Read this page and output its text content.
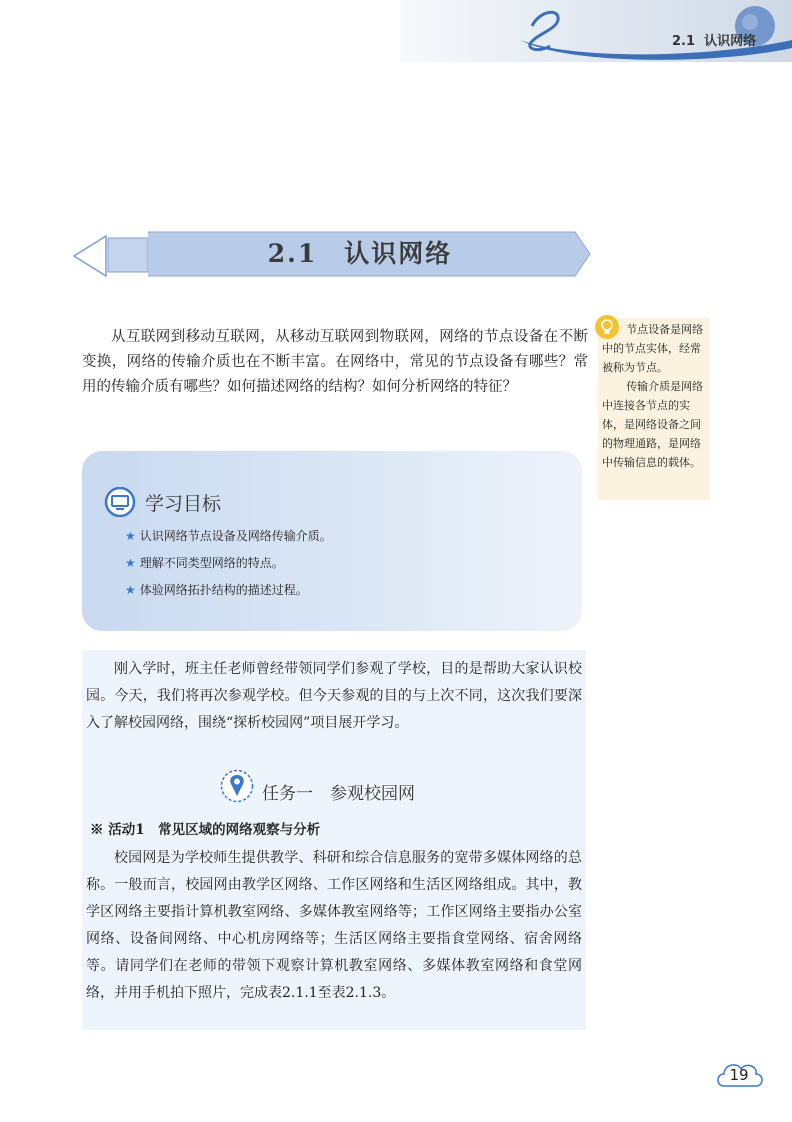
2.1 认识网络
2.1　认识网络
从互联网到移动互联网，从移动互联网到物联网，网络的节点设备在不断变换，网络的传输介质也在不断丰富。在网络中，常见的节点设备有哪些？常用的传输介质有哪些？如何描述网络的结构？如何分析网络的特征？

节点设备是网络中的节点实体，经常被称为节点。

传输介质是网络中连接各节点的实体，是网络设备之间的物理通路，是网络中传输信息的载体。

学习目标
★ 认识网络节点设备及网络传输介质。
★ 理解不同类型网络的特点。
★ 体验网络拓扑结构的描述过程。
刚入学时，班主任老师曾经带领同学们参观了学校，目的是帮助大家认识校园。今天，我们将再次参观学校。但今天参观的目的与上次不同，这次我们要深入了解校园网络，围绕“探析校园网”项目展开学习。
任务一　参观校园网
※ 活动1　常见区域的网络观察与分析
校园网是为学校师生提供教学、科研和综合信息服务的宽带多媒体网络的总称。一般而言，校园网由教学区网络、工作区网络和生活区网络组成。其中，教学区网络主要指计算机教室网络、多媒体教室网络等；工作区网络主要指办公室网络、设备间网络、中心机房网络等；生活区网络主要指食堂网络、宿舍网络等。请同学们在老师的带领下观察计算机教室网络、多媒体教室网络和食堂网络，并用手机拍下照片，完成表2.1.1至表2.1.3。
19
